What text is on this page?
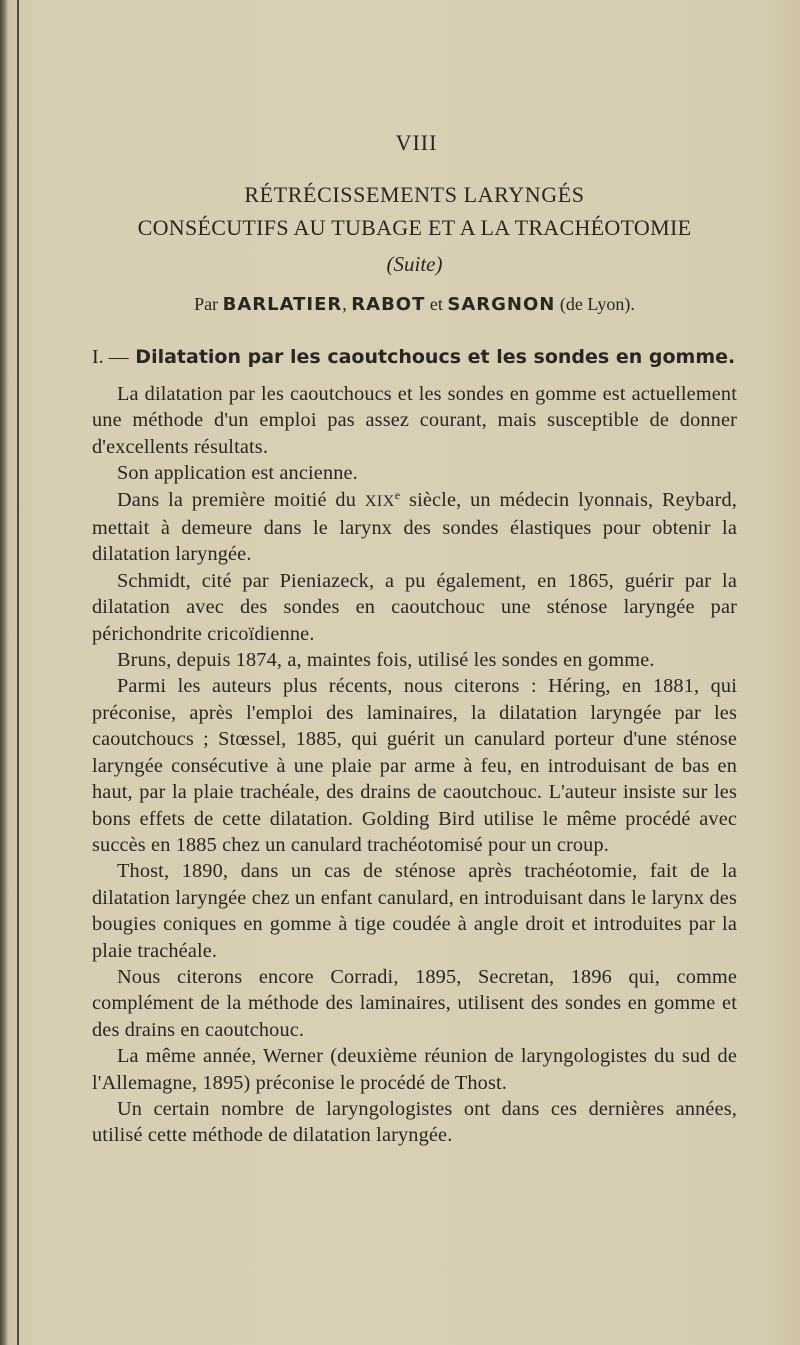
VIII
RÉTRÉCISSEMENTS LARYNGÉS
CONSÉCUTIFS AU TUBAGE ET A LA TRACHÉOTOMIE
(Suite)
Par BARLATIER, RABOT et SARGNON (de Lyon).
I. — Dilatation par les caoutchoucs et les sondes en gomme.

La dilatation par les caoutchoucs et les sondes en gomme est actuellement une méthode d'un emploi pas assez courant, mais susceptible de donner d'excellents résultats.

Son application est ancienne.

Dans la première moitié du XIXe siècle, un médecin lyonnais, Reybard, mettait à demeure dans le larynx des sondes élastiques pour obtenir la dilatation laryngée.

Schmidt, cité par Pieniazeck, a pu également, en 1865, guérir par la dilatation avec des sondes en caoutchouc une sténose laryngée par périchondrite cricoïdienne.

Bruns, depuis 1874, a, maintes fois, utilisé les sondes en gomme.

Parmi les auteurs plus récents, nous citerons : Héring, en 1881, qui préconise, après l'emploi des laminaires, la dilatation laryngée par les caoutchoucs ; Stœssel, 1885, qui guérit un canulard porteur d'une sténose laryngée consécutive à une plaie par arme à feu, en introduisant de bas en haut, par la plaie trachéale, des drains de caoutchouc. L'auteur insiste sur les bons effets de cette dilatation. Golding Bird utilise le même procédé avec succès en 1885 chez un canulard trachéotomisé pour un croup.

Thost, 1890, dans un cas de sténose après trachéotomie, fait de la dilatation laryngée chez un enfant canulard, en introduisant dans le larynx des bougies coniques en gomme à tige coudée à angle droit et introduites par la plaie trachéale.

Nous citerons encore Corradi, 1895, Secretan, 1896 qui, comme complément de la méthode des laminaires, utilisent des sondes en gomme et des drains en caoutchouc.

La même année, Werner (deuxième réunion de laryngologistes du sud de l'Allemagne, 1895) préconise le procédé de Thost.

Un certain nombre de laryngologistes ont dans ces dernières années, utilisé cette méthode de dilatation laryngée.
